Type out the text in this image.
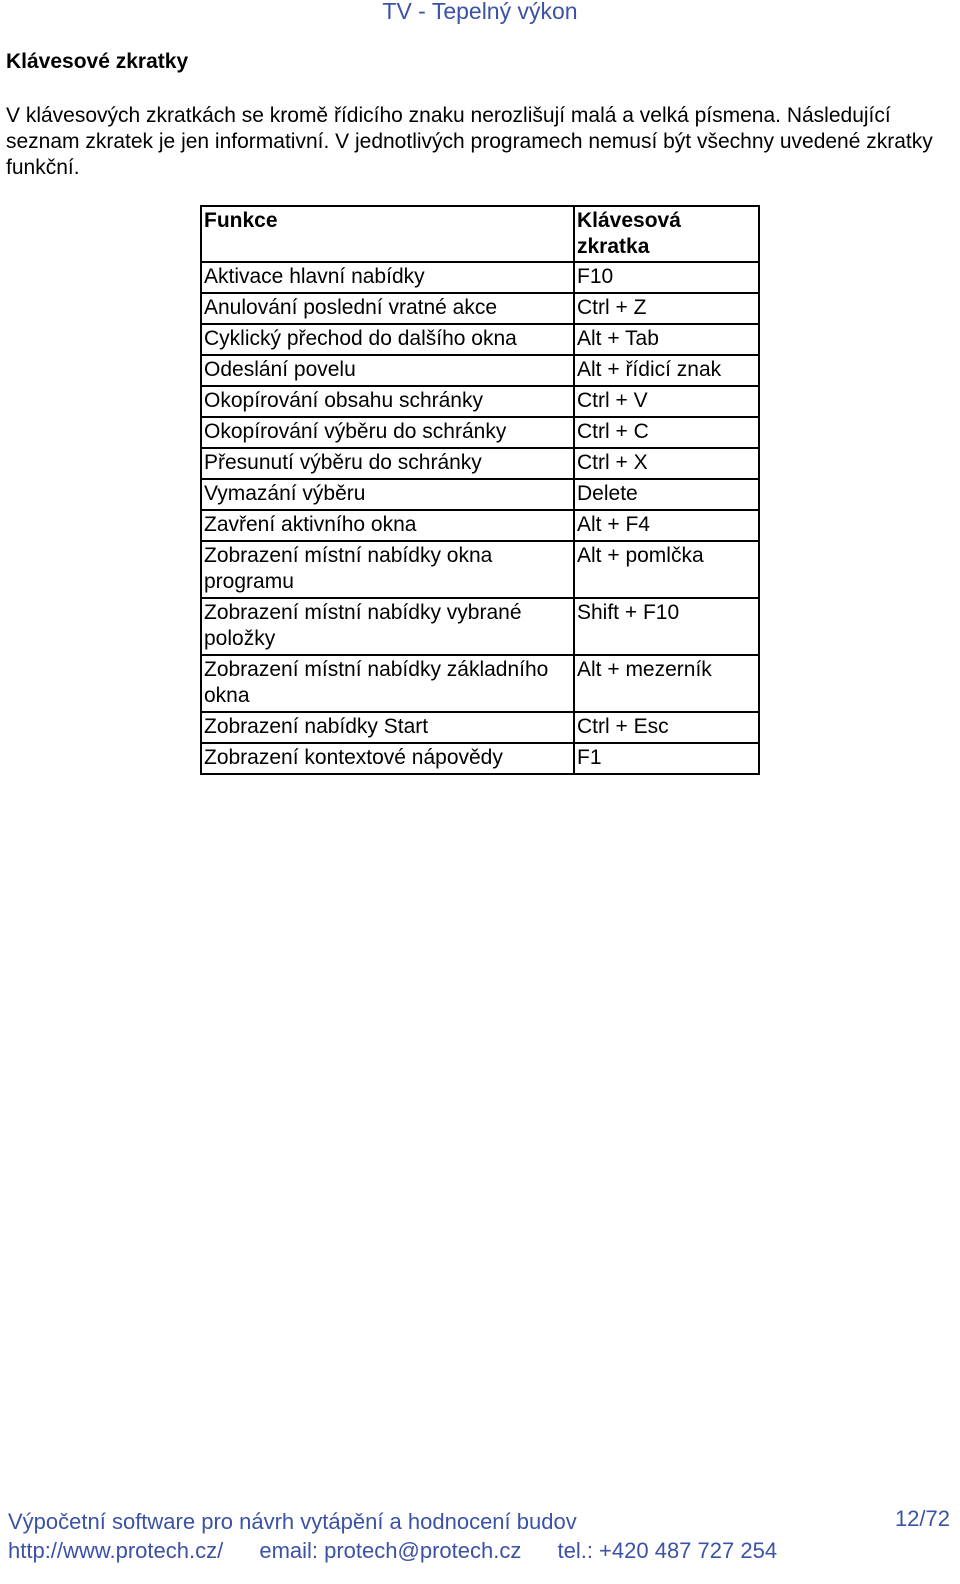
TV - Tepelný výkon
Klávesové zkratky
V klávesových zkratkách se kromě řídicího znaku nerozlišují malá a velká písmena. Následující seznam zkratek je jen informativní. V jednotlivých programech nemusí být všechny uvedené zkratky funkční.
Funkce	Klávesová zkratka

Aktivace hlavní nabídky	F10
Anulování poslední vratné akce	Ctrl + Z
Cyklický přechod do dalšího okna	Alt + Tab
Odeslání povelu	Alt + řídicí znak
Okopírování obsahu schránky	Ctrl + V
Okopírování výběru do schránky	Ctrl + C
Přesunutí výběru do schránky	Ctrl + X
Vymazání výběru	Delete
Zavření aktivního okna	Alt + F4
Zobrazení místní nabídky okna programu	Alt + pomlčka
Zobrazení místní nabídky vybrané položky	Shift + F10
Zobrazení místní nabídky základního okna	Alt + mezerník
Zobrazení nabídky Start	Ctrl + Esc
Zobrazení kontextové nápovědy	F1
Výpočetní software pro návrh vytápění a hodnocení budov	12/72
http://www.protech.cz/ email: protech@protech.cz tel.: +420 487 727 254
